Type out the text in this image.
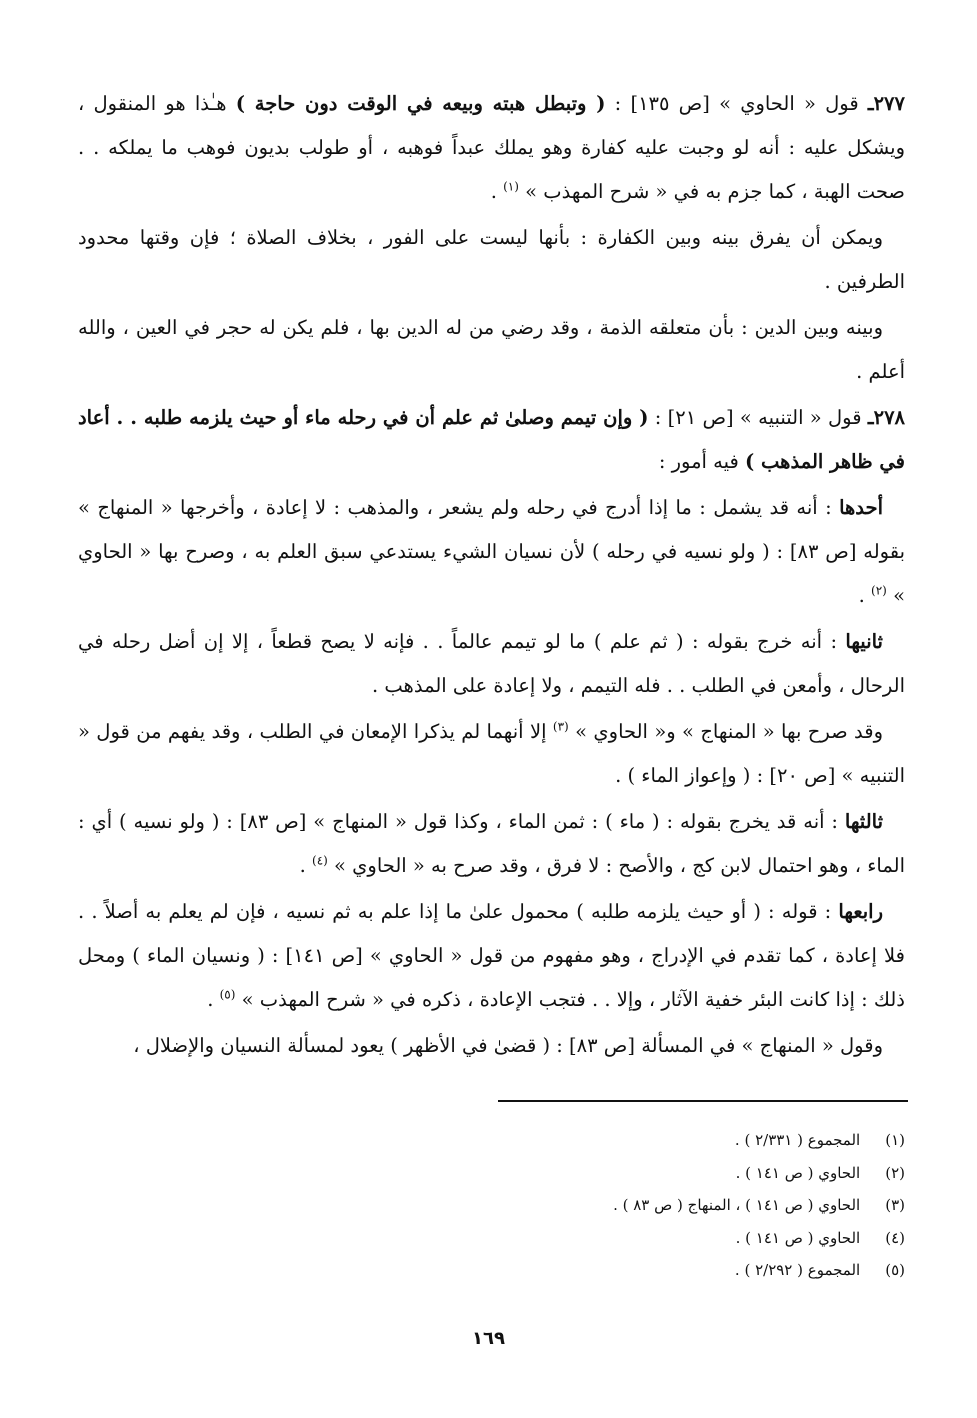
٢٧٧ـ قول « الحاوي » [ص ١٣٥] : ( وتبطل هبته وبيعه في الوقت دون حاجة ) هـٰذا هو المنقول ، ويشكل عليه : أنه لو وجبت عليه كفارة وهو يملك عبداً فوهبه ، أو طولب بديون فوهب ما يملكه . . صحت الهبة ، كما جزم به في « شرح المهذب » $^{(١)}$ .

ويمكن أن يفرق بينه وبين الكفارة : بأنها ليست على الفور ، بخلاف الصلاة ؛ فإن وقتها محدود الطرفين .

وبينه وبين الدين : بأن متعلقه الذمة ، وقد رضي من له الدين بها ، فلم يكن له حجر في العين ، والله أعلم .

٢٧٨ـ قول « التنبيه » [ص ٢١] : ( وإن تيمم وصلىٰ ثم علم أن في رحله ماء أو حيث يلزمه طلبه . . أعاد في ظاهر المذهب ) فيه أمور :

أحدها : أنه قد يشمل : ما إذا أدرج في رحله ولم يشعر ، والمذهب : لا إعادة ، وأخرجها « المنهاج » بقوله [ص ٨٣] : ( ولو نسيه في رحله ) لأن نسيان الشيء يستدعي سبق العلم به ، وصرح بها « الحاوي » $^{(٢)}$ .

ثانيها : أنه خرج بقوله : ( ثم علم ) ما لو تيمم عالماً . . فإنه لا يصح قطعاً ، إلا إن أضل رحله في الرحال ، وأمعن في الطلب . . فله التيمم ، ولا إعادة على المذهب .

وقد صرح بها « المنهاج » و« الحاوي » $^{(٣)}$ إلا أنهما لم يذكرا الإمعان في الطلب ، وقد يفهم من قول « التنبيه » [ص ٢٠] : ( وإعواز الماء ) .

ثالثها : أنه قد يخرج بقوله : ( ماء ) : ثمن الماء ، وكذا قول « المنهاج » [ص ٨٣] : ( ولو نسيه ) أي : الماء ، وهو احتمال لابن كج ، والأصح : لا فرق ، وقد صرح به « الحاوي » $^{(٤)}$ .

رابعها : قوله : ( أو حيث يلزمه طلبه ) محمول علىٰ ما إذا علم به ثم نسيه ، فإن لم يعلم به أصلاً . . فلا إعادة ، كما تقدم في الإدراج ، وهو مفهوم من قول « الحاوي » [ص ١٤١] : ( ونسيان الماء ) ومحل ذلك : إذا كانت البئر خفية الآثار ، وإلا . . فتجب الإعادة ، ذكره في « شرح المهذب » $^{(٥)}$ .

وقول « المنهاج » في المسألة [ص ٨٣] : ( قضىٰ في الأظهر ) يعود لمسألة النسيان والإضلال ،

(١) المجموع ( ٢/٣٣١ ) .
(٢) الحاوي ( ص ١٤١ ) .
(٣) الحاوي ( ص ١٤١ ) ، المنهاج ( ص ٨٣ ) .
(٤) الحاوي ( ص ١٤١ ) .
(٥) المجموع ( ٢/٢٩٢ ) .
١٦٩
